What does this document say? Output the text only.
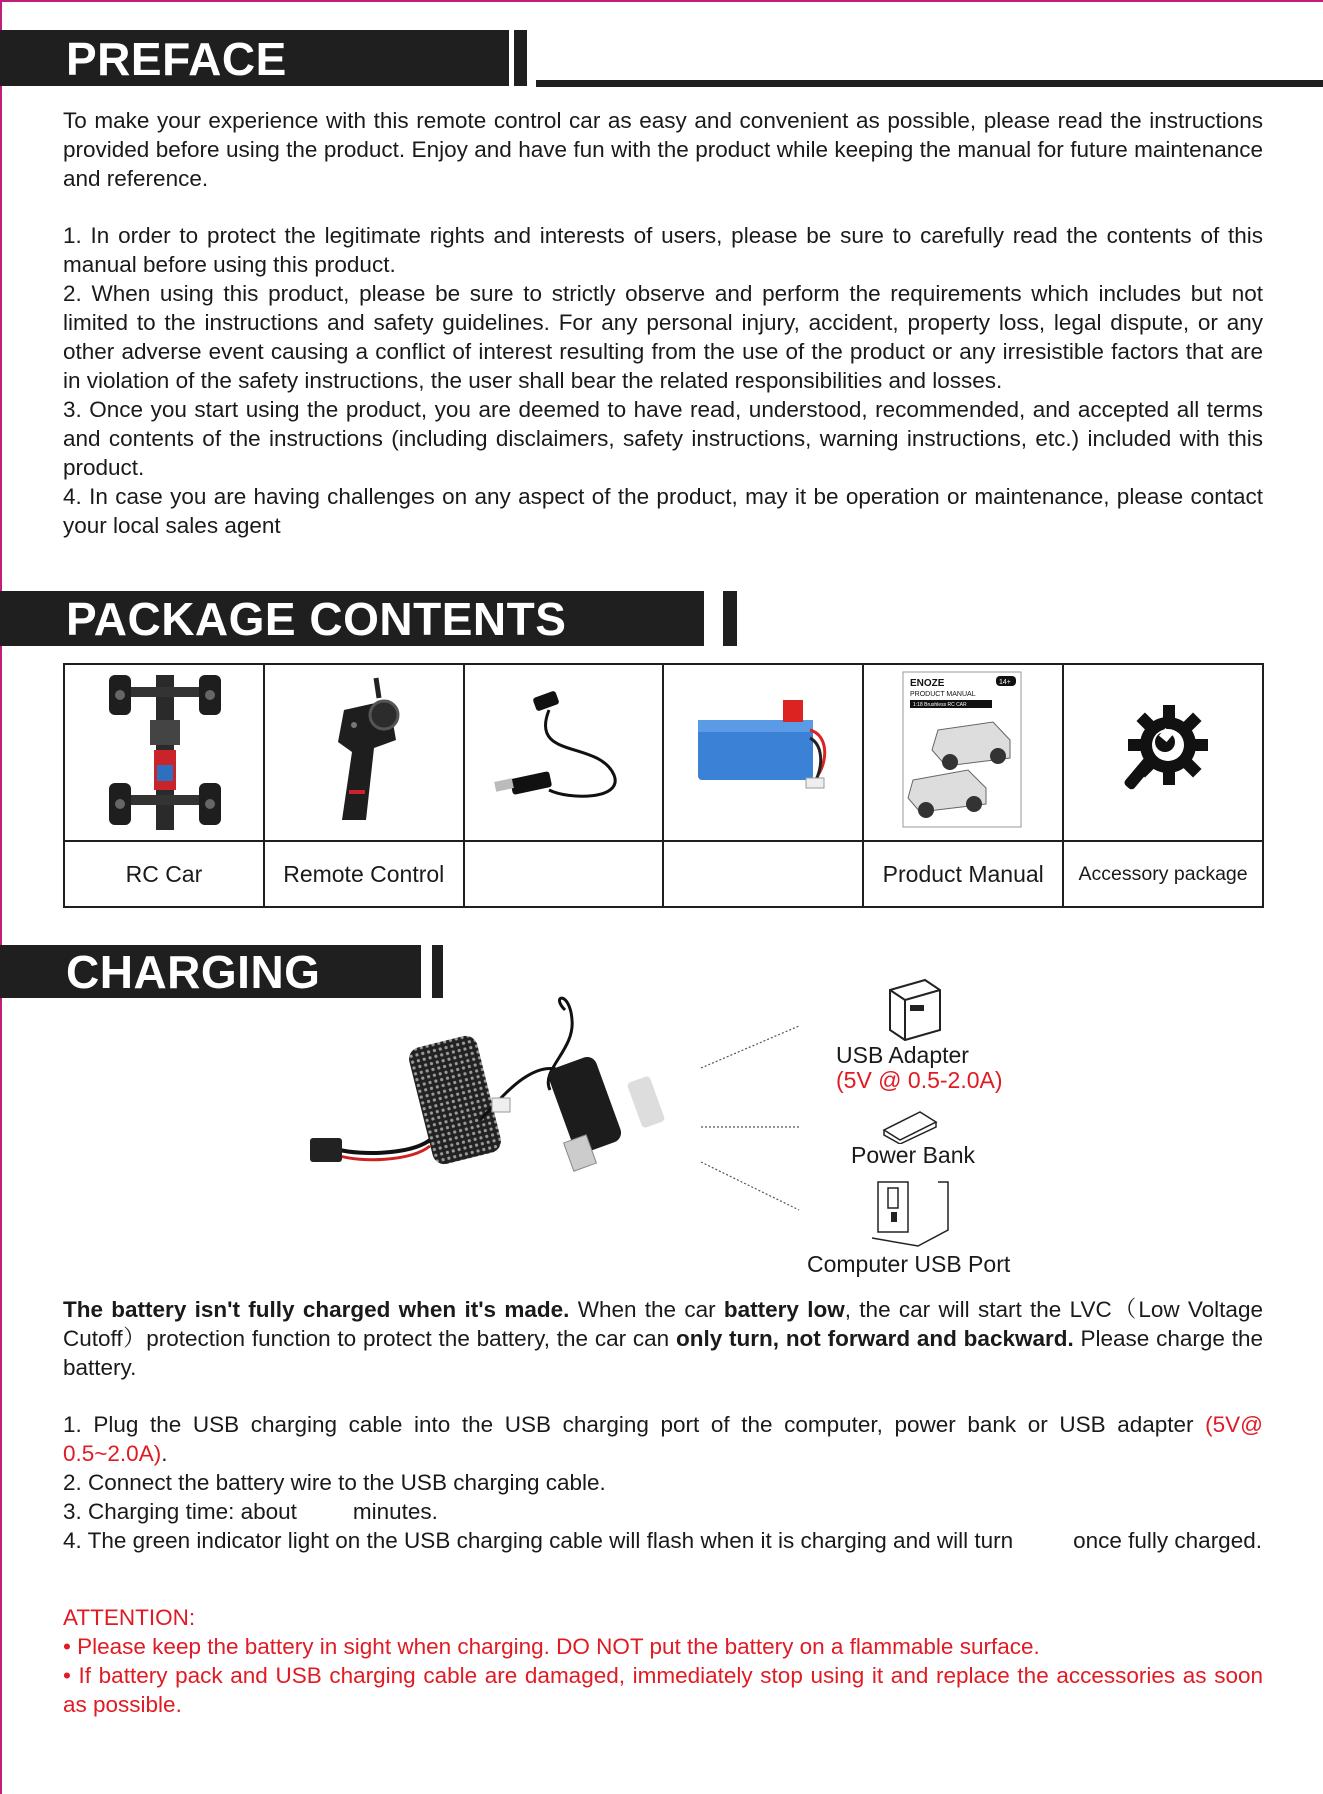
PREFACE

To make your experience with this remote control car as easy and convenient as possible, please read the instructions provided before using the product. Enjoy and have fun with the product while keeping the manual for future maintenance and reference.

1. In order to protect the legitimate rights and interests of users, please be sure to carefully read the contents of this manual before using this product.

2. When using this product, please be sure to strictly observe and perform the requirements which includes but not limited to the instructions and safety guidelines. For any personal injury, accident, property loss, legal dispute, or any other adverse event causing a conflict of interest resulting from the use of the product or any irresistible factors that are in violation of the safety instructions, the user shall bear the related responsibilities and losses.

3. Once you start using the product, you are deemed to have read, understood, recommended, and accepted all terms and contents of the instructions (including disclaimers, safety instructions, warning instructions, etc.) included with this product.

4. In case you are having challenges on any aspect of the product, may it be operation or maintenance, please contact your local sales agent

PACKAGE CONTENTS

ENOZE
PRODUCT MANUAL
14+
1:18 Brushless RC CAR

RC Car	Remote Control			Product Manual	Accessory package
CHARGING
USB Adapter
(5V @ 0.5-2.0A)
Power Bank
Computer USB Port

The battery isn't fully charged when it's made. When the car battery low, the car will start the LVC（Low Voltage Cutoff）protection function to protect the battery, the car can only turn, not forward and backward. Please charge the battery.

1. Plug the USB charging cable into the USB charging port of the computer, power bank or USB adapter (5V@ 0.5~2.0A).

2. Connect the battery wire to the USB charging cable.

3. Charging time: about minutes.

4. The green indicator light on the USB charging cable will flash when it is charging and will turn	once fully charged.

ATTENTION:

• Please keep the battery in sight when charging. DO NOT put the battery on a flammable surface.

• If battery pack and USB charging cable are damaged, immediately stop using it and replace the accessories as soon as possible.
